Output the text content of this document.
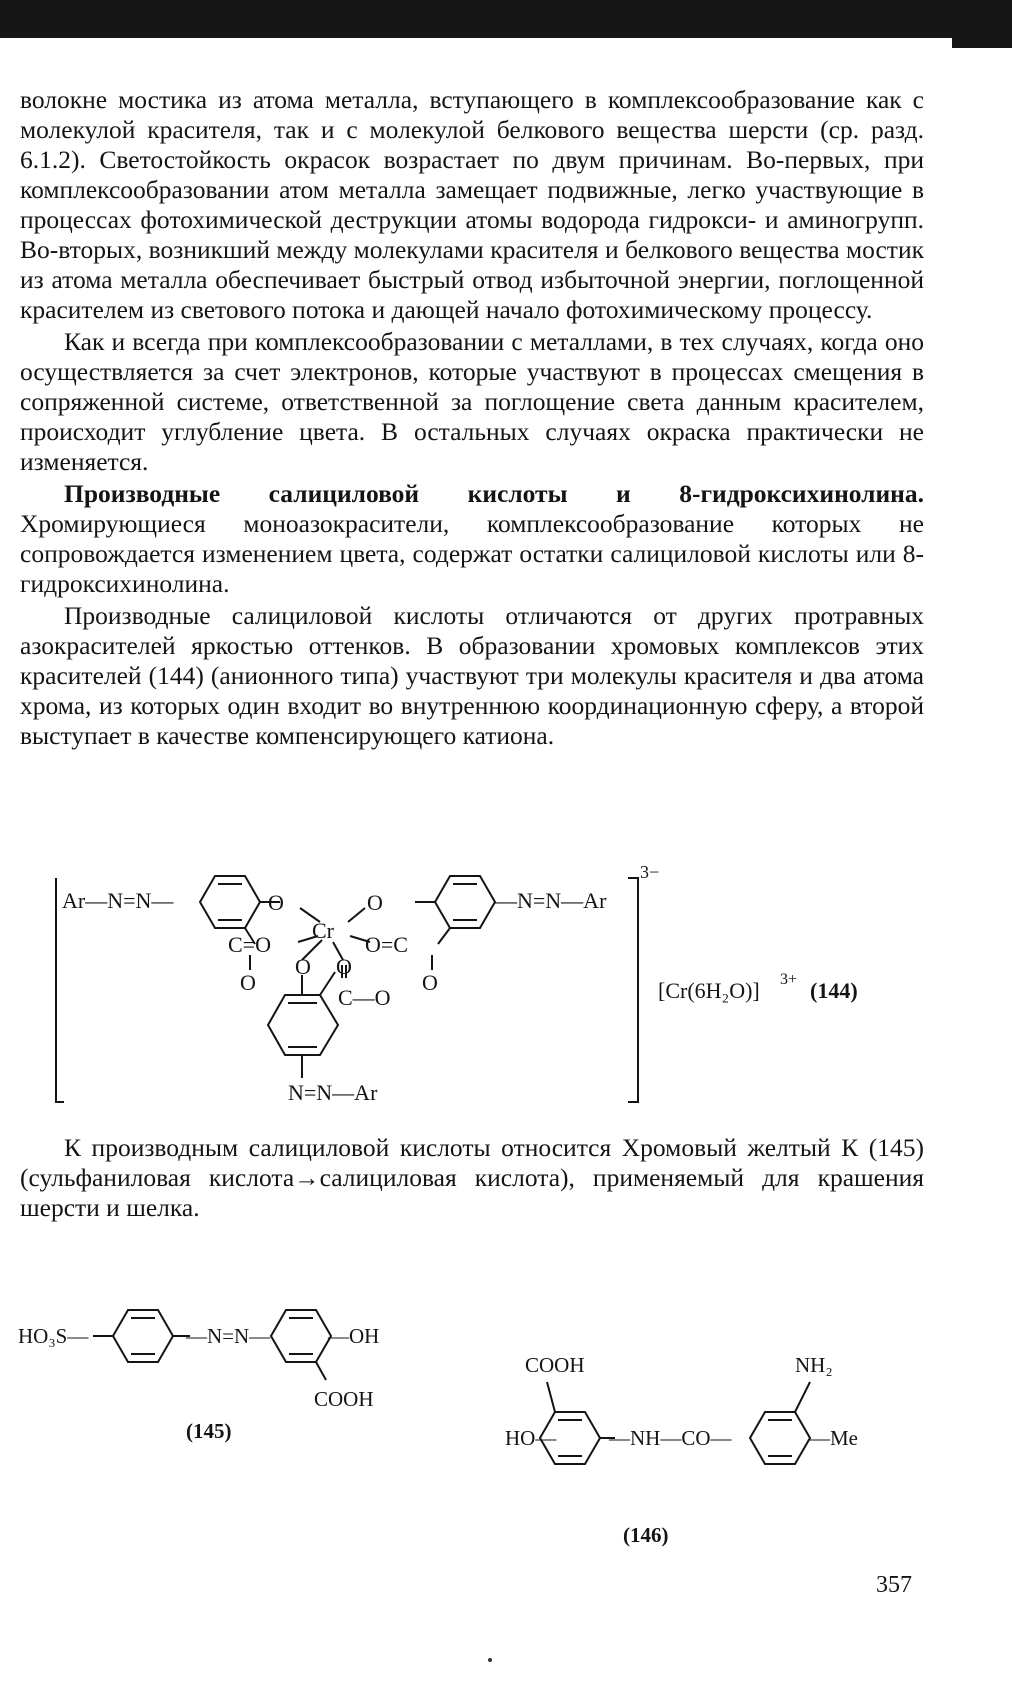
волокне мостика из атома металла, вступающего в комплексообразование как с молекулой красителя, так и с молекулой белкового вещества шерсти (ср. разд. 6.1.2). Светостойкость окрасок возрастает по двум причинам. Во-первых, при комплексообразовании атом металла замещает подвижные, легко участвующие в процессах фотохимической деструкции атомы водорода гидрокси- и аминогрупп. Во-вторых, возникший между молекулами красителя и белкового вещества мостик из атома металла обеспечивает быстрый отвод избыточной энергии, поглощенной красителем из светового потока и дающей начало фотохимическому процессу.

Как и всегда при комплексообразовании с металлами, в тех случаях, когда оно осуществляется за счет электронов, которые участвуют в процессах смещения в сопряженной системе, ответственной за поглощение света данным красителем, происходит углубление цвета. В остальных случаях окраска практически не изменяется.

Производные салициловой кислоты и 8-гидроксихинолина. Хромирующиеся моноазокрасители, комплексообразование которых не сопровождается изменением цвета, содержат остатки салициловой кислоты или 8-гидроксихинолина.

Производные салициловой кислоты отличаются от других протравных азокрасителей яркостью оттенков. В образовании хромовых комплексов этих красителей (144) (анионного типа) участвуют три молекулы красителя и два атома хрома, из которых один входит во внутреннюю координационную сферу, а второй выступает в качестве компенсирующего катиона.

Ar—N=N—	O	O	—N=N—Ar
Cr
C=O	O=C
O O
O	O
C—O
N=N—Ar
3−
[Cr(6H₂O)] 3+ (144)

К производным салициловой кислоты относится Хромовый желтый К (145) (сульфаниловая кислота→салициловая кислота), применяемый для крашения шерсти и шелка.

HO₃S—	—N=N—	—OH
COOH
(145)
COOH	NH₂
HO—	—NH—CO—	—Me
(146)
357
